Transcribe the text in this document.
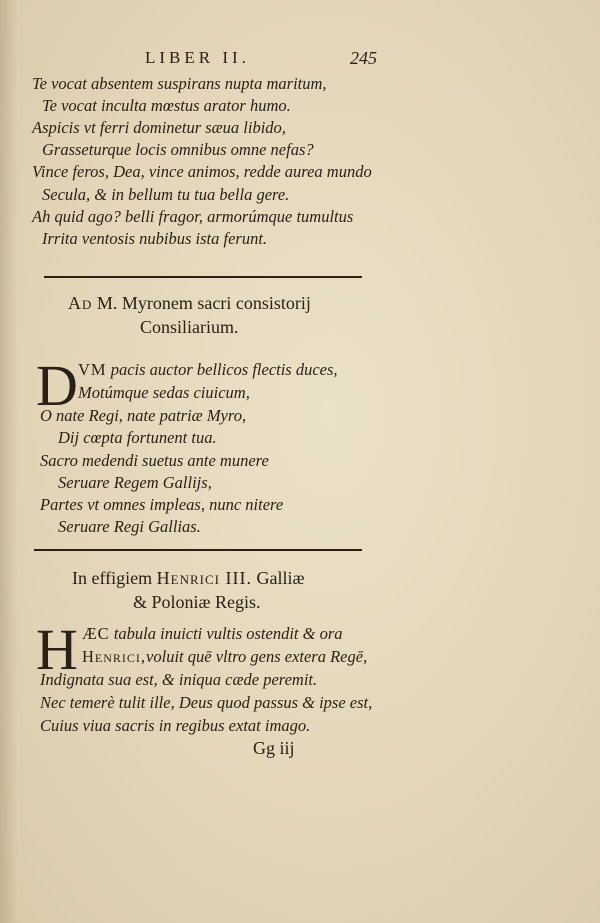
LIBER II.	245
Te vocat absentem suspirans nupta maritum,
Te vocat inculta mœstus arator humo.
Aspicis vt ferri dominetur sæua libido,
Grasseturque locis omnibus omne nefas?
Vince feros, Dea, vince animos, redde aurea mundo
Secula, & in bellum tu tua bella gere.
Ah quid ago? belli fragor, armorúmque tumultus
Irrita ventosis nubibus ista ferunt.
Ad M. Myronem sacri consistorij
Consiliarium.
D VM pacis auctor bellicos flectis duces,
Motúmque sedas ciuicum,
O nate Regi, nate patriæ Myro,
Dij cœpta fortunent tua.
Sacro medendi suetus ante munere
Seruare Regem Gallijs,
Partes vt omnes impleas, nunc nitere
Seruare Regi Gallias.
In effigiem Henrici III. Galliæ
& Poloniæ Regis.
H ÆC tabula inuicti vultis ostendit & ora
Henrici,voluit quē vltro gens extera Regē,
Indignata sua est, & iniqua cæde peremit.
Nec temerè tulit ille, Deus quod passus & ipse est,
Cuius viua sacris in regibus extat imago.
Gg iij
